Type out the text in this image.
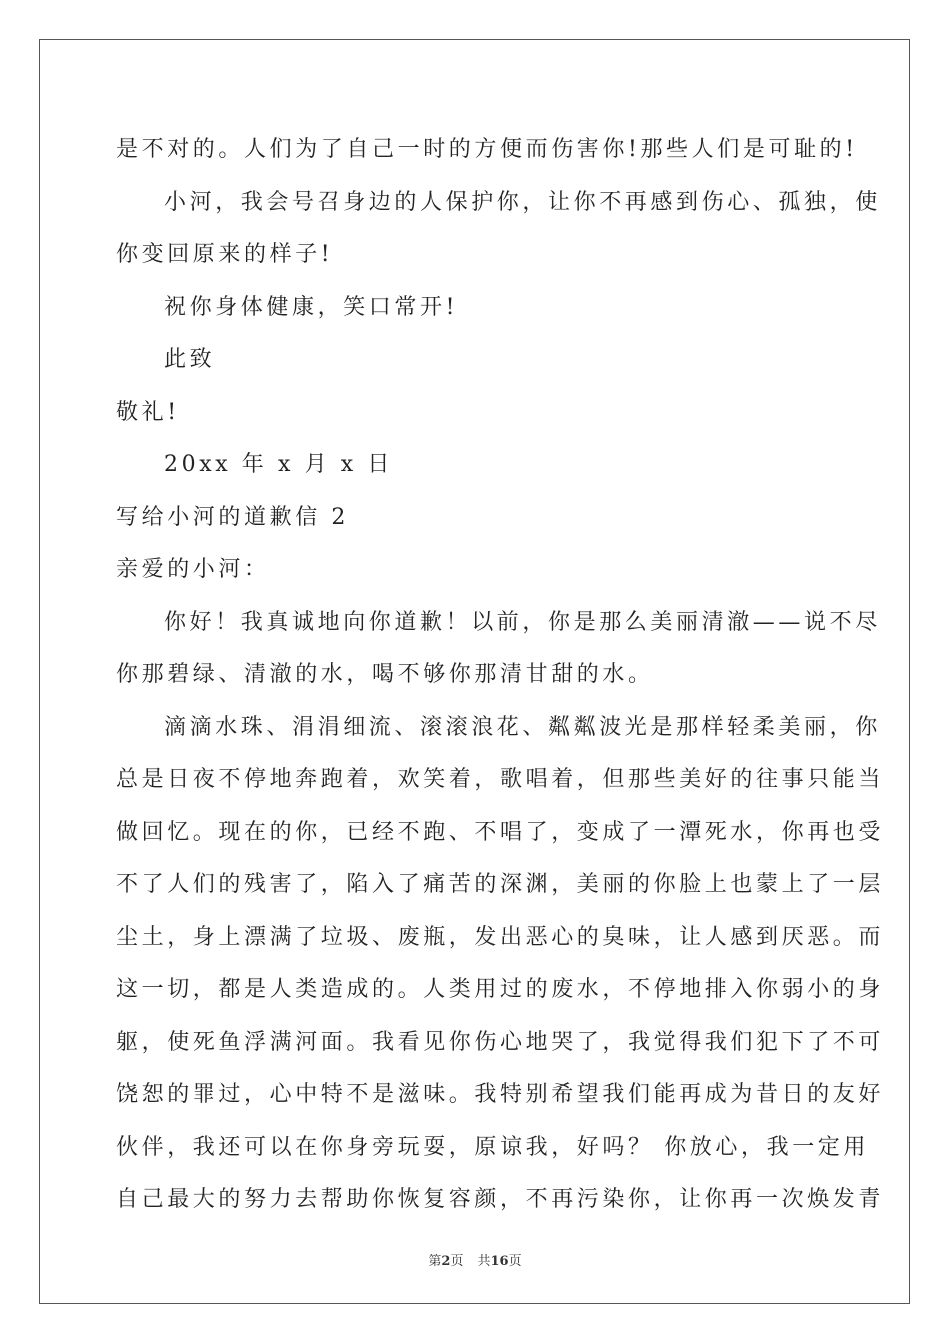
是不对的。人们为了自己一时的方便而伤害你!那些人们是可耻的!
小河，我会号召身边的人保护你，让你不再感到伤心、孤独，使
你变回原来的样子!
祝你身体健康，笑口常开!
此致
敬礼!
20xx 年 x 月 x 日
写给小河的道歉信 2
亲爱的小河：
你好！我真诚地向你道歉！以前，你是那么美丽清澈——说不尽
你那碧绿、清澈的水，喝不够你那清甘甜的水。
滴滴水珠、涓涓细流、滚滚浪花、粼粼波光是那样轻柔美丽，你
总是日夜不停地奔跑着，欢笑着，歌唱着，但那些美好的往事只能当
做回忆。现在的你，已经不跑、不唱了，变成了一潭死水，你再也受
不了人们的残害了，陷入了痛苦的深渊，美丽的你脸上也蒙上了一层
尘土，身上漂满了垃圾、废瓶，发出恶心的臭味，让人感到厌恶。而
这一切，都是人类造成的。人类用过的废水，不停地排入你弱小的身
躯，使死鱼浮满河面。我看见你伤心地哭了，我觉得我们犯下了不可
饶恕的罪过，心中特不是滋味。我特别希望我们能再成为昔日的友好
伙伴，我还可以在你身旁玩耍，原谅我，好吗？ 你放心，我一定用
自己最大的努力去帮助你恢复容颜，不再污染你，让你再一次焕发青
第2页 共16页
